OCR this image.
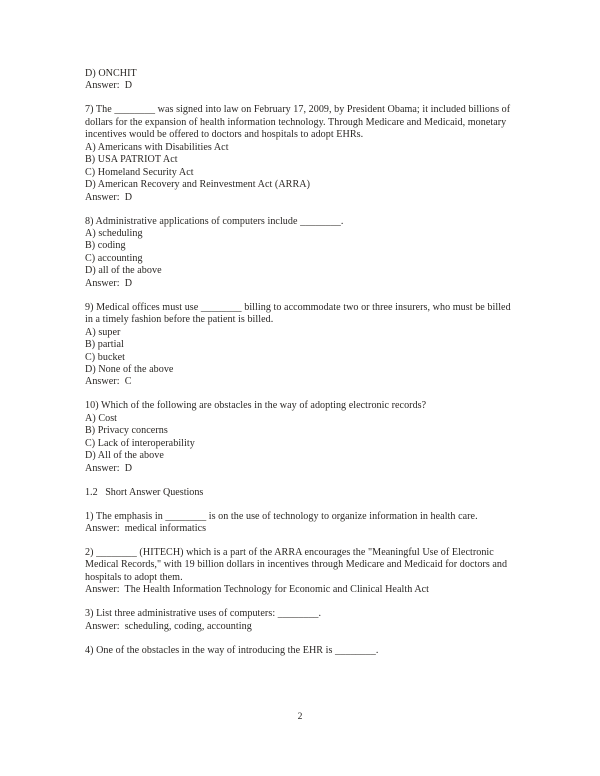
D) ONCHIT

Answer:  D

7) The ________ was signed into law on February 17, 2009, by President Obama; it included billions of dollars for the expansion of health information technology. Through Medicare and Medicaid, monetary incentives would be offered to doctors and hospitals to adopt EHRs.

A) Americans with Disabilities Act

B) USA PATRIOT Act

C) Homeland Security Act

D) American Recovery and Reinvestment Act (ARRA)

Answer:  D

8) Administrative applications of computers include ________.

A) scheduling

B) coding

C) accounting

D) all of the above

Answer:  D

9) Medical offices must use ________ billing to accommodate two or three insurers, who must be billed in a timely fashion before the patient is billed.

A) super

B) partial

C) bucket

D) None of the above

Answer:  C

10) Which of the following are obstacles in the way of adopting electronic records?

A) Cost

B) Privacy concerns

C) Lack of interoperability

D) All of the above

Answer:  D

1.2   Short Answer Questions

1) The emphasis in ________ is on the use of technology to organize information in health care.

Answer:  medical informatics

2) ________ (HITECH) which is a part of the ARRA encourages the "Meaningful Use of Electronic Medical Records," with 19 billion dollars in incentives through Medicare and Medicaid for doctors and hospitals to adopt them.

Answer:  The Health Information Technology for Economic and Clinical Health Act

3) List three administrative uses of computers: ________.

Answer:  scheduling, coding, accounting

4) One of the obstacles in the way of introducing the EHR is ________.

2
